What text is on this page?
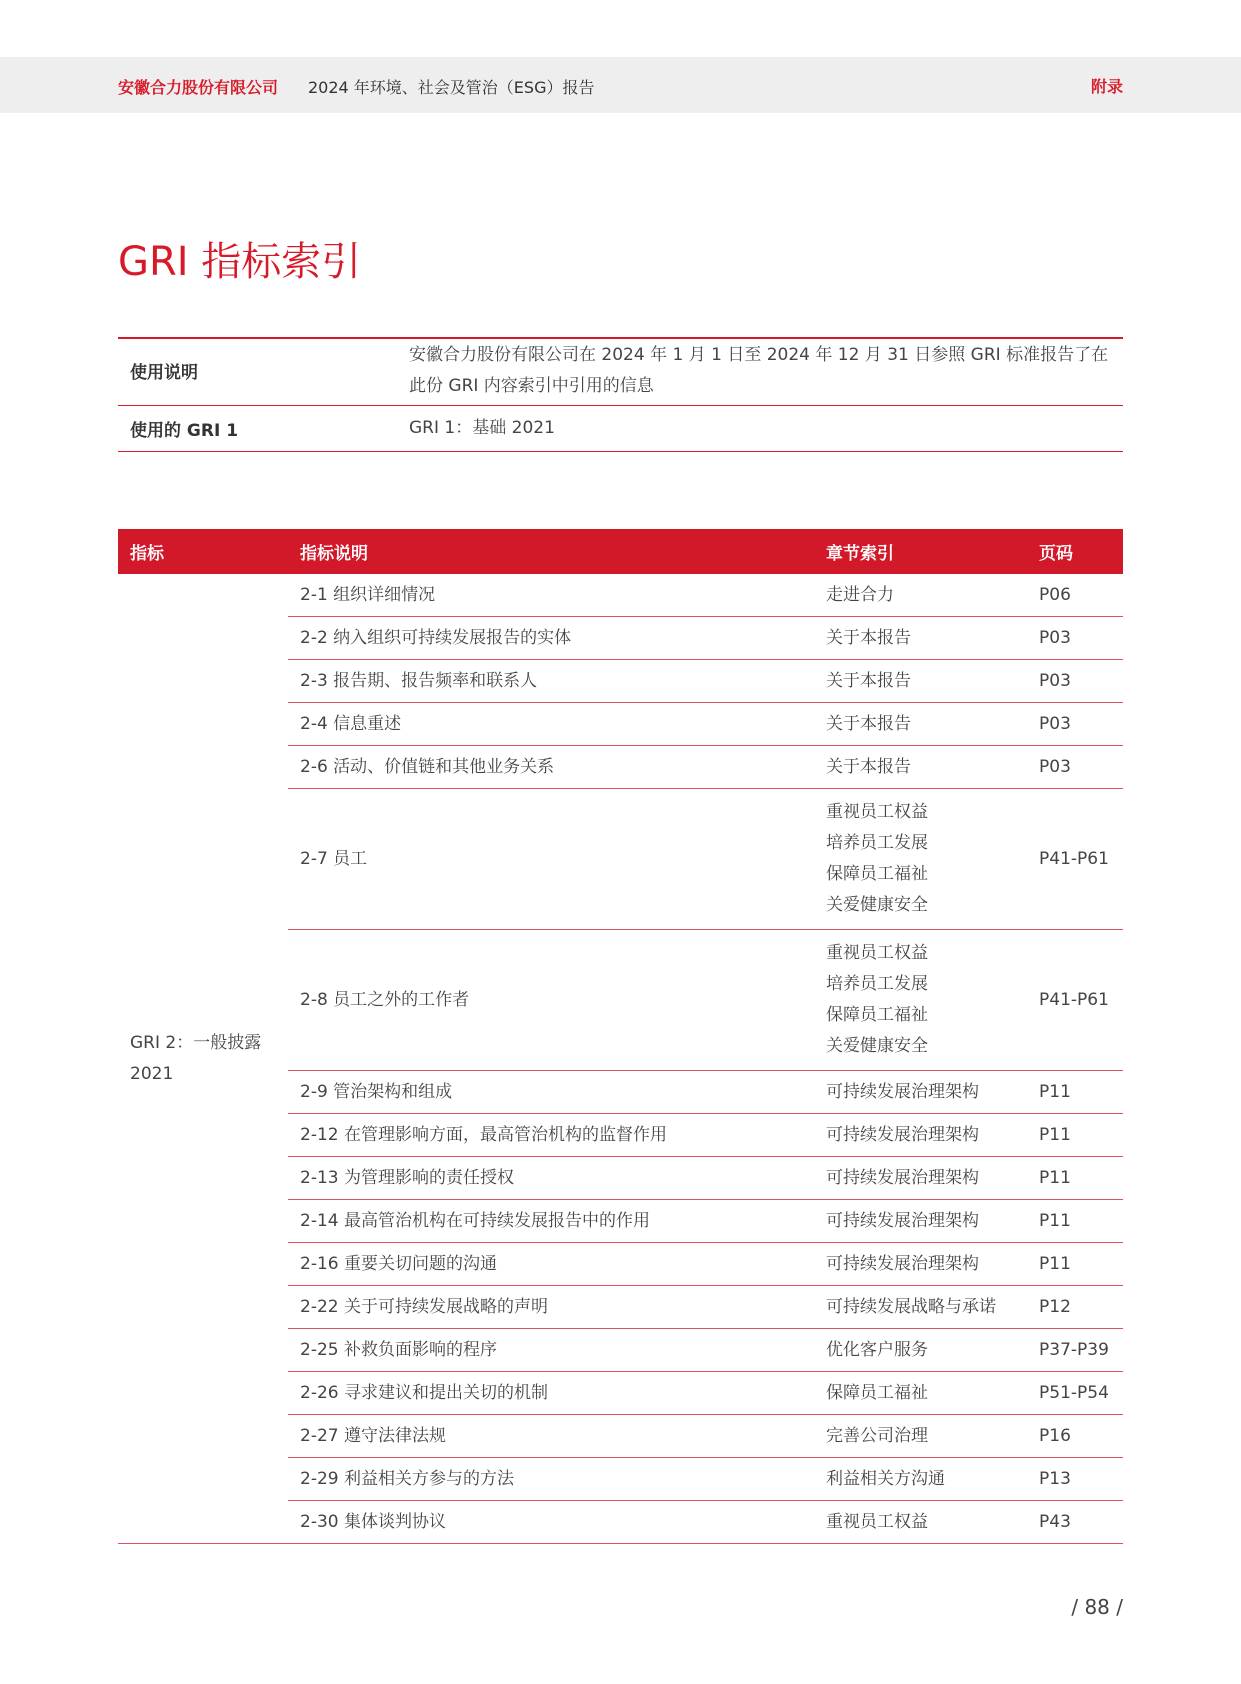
安徽合力股份有限公司 2024 年环境、社会及管治（ESG）报告	附录
GRI 指标索引
使用说明	安徽合力股份有限公司在 2024 年 1 月 1 日至 2024 年 12 月 31 日参照 GRI 标准报告了在此份 GRI 内容索引中引用的信息
使用的 GRI 1	GRI 1：基础 2021
指标	指标说明	章节索引	页码
GRI 2：一般披露 2021	2-1 组织详细情况	走进合力	P06
	2-2 纳入组织可持续发展报告的实体	关于本报告	P03
	2-3 报告期、报告频率和联系人	关于本报告	P03
	2-4 信息重述	关于本报告	P03
	2-6 活动、价值链和其他业务关系	关于本报告	P03
	2-7 员工	重视员工权益
培养员工发展
保障员工福祉
关爱健康安全	P41-P61
	2-8 员工之外的工作者	重视员工权益
培养员工发展
保障员工福祉
关爱健康安全	P41-P61
	2-9 管治架构和组成	可持续发展治理架构	P11
	2-12 在管理影响方面，最高管治机构的监督作用	可持续发展治理架构	P11
	2-13 为管理影响的责任授权	可持续发展治理架构	P11
	2-14 最高管治机构在可持续发展报告中的作用	可持续发展治理架构	P11
	2-16 重要关切问题的沟通	可持续发展治理架构	P11
	2-22 关于可持续发展战略的声明	可持续发展战略与承诺	P12
	2-25 补救负面影响的程序	优化客户服务	P37-P39
	2-26 寻求建议和提出关切的机制	保障员工福祉	P51-P54
	2-27 遵守法律法规	完善公司治理	P16
	2-29 利益相关方参与的方法	利益相关方沟通	P13
	2-30 集体谈判协议	重视员工权益	P43
/ 88 /
